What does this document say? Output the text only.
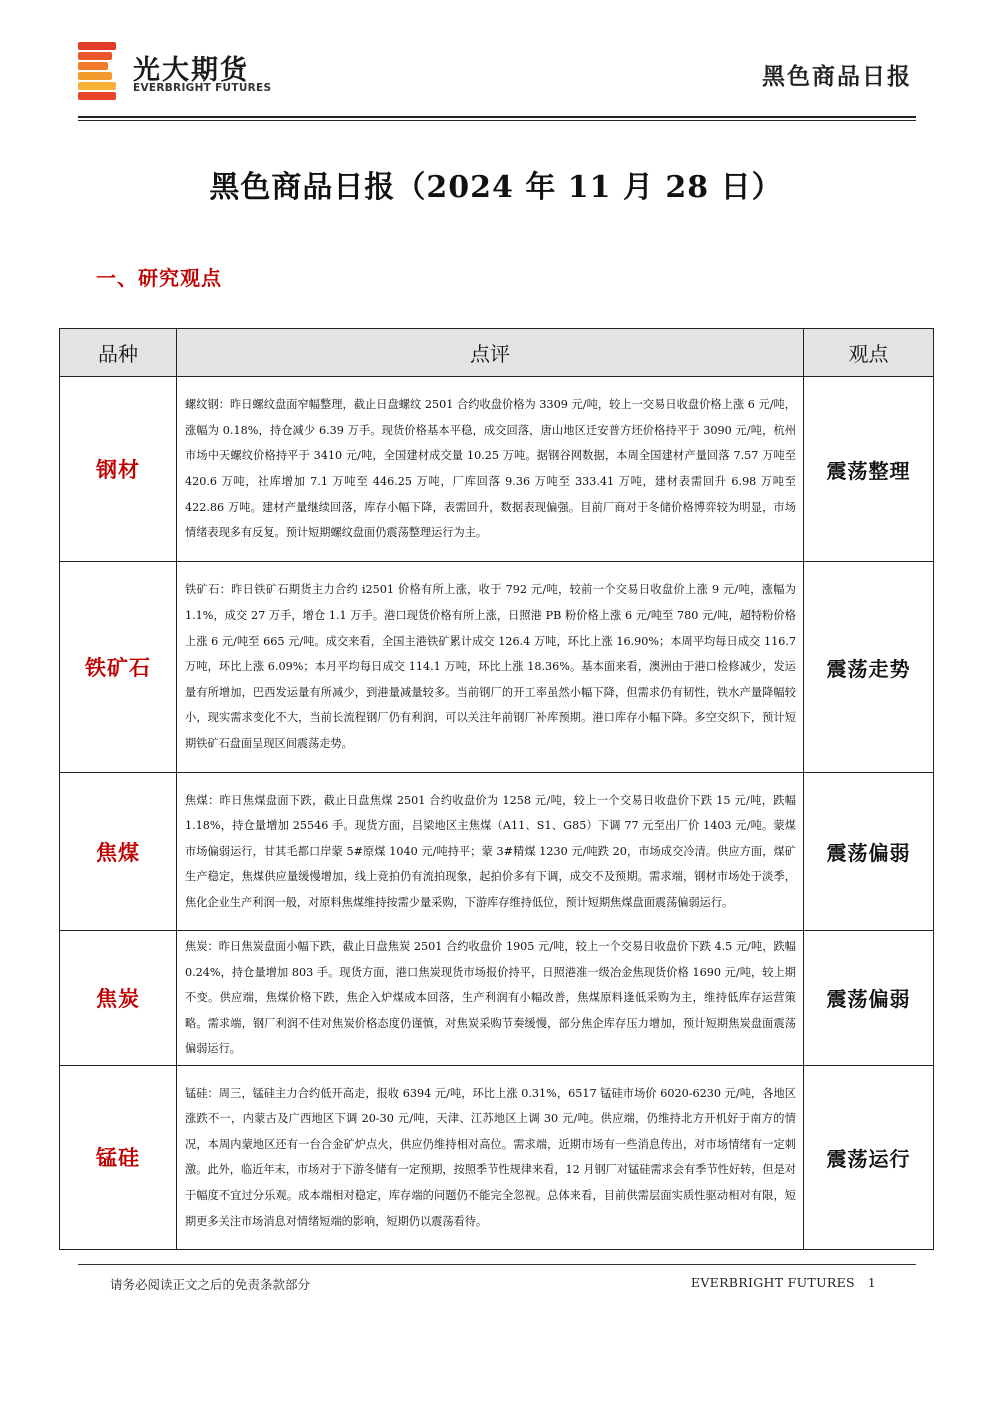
光大期货
EVERBRIGHT FUTURES	黑色商品日报
黑色商品日报（2024 年 11 月 28 日）
一、研究观点
品种	点评	观点
钢材	螺纹钢：昨日螺纹盘面窄幅整理，截止日盘螺纹 2501 合约收盘价格为 3309 元/吨，较上一交易日收盘价格上涨 6 元/吨，涨幅为 0.18%，持仓减少 6.39 万手。现货价格基本平稳，成交回落，唐山地区迁安普方坯价格持平于 3090 元/吨，杭州市场中天螺纹价格持平于 3410 元/吨，全国建材成交量 10.25 万吨。据钢谷网数据，本周全国建材产量回落 7.57 万吨至 420.6 万吨，社库增加 7.1 万吨至 446.25 万吨，厂库回落 9.36 万吨至 333.41 万吨，建材表需回升 6.98 万吨至 422.86 万吨。建材产量继续回落，库存小幅下降，表需回升，数据表现偏强。目前厂商对于冬储价格博弈较为明显，市场情绪表现多有反复。预计短期螺纹盘面仍震荡整理运行为主。	震荡整理
铁矿石	铁矿石：昨日铁矿石期货主力合约 i2501 价格有所上涨，收于 792 元/吨，较前一个交易日收盘价上涨 9 元/吨，涨幅为 1.1%，成交 27 万手，增仓 1.1 万手。港口现货价格有所上涨，日照港 PB 粉价格上涨 6 元/吨至 780 元/吨，超特粉价格上涨 6 元/吨至 665 元/吨。成交来看，全国主港铁矿累计成交 126.4 万吨，环比上涨 16.90%；本周平均每日成交 116.7 万吨，环比上涨 6.09%；本月平均每日成交 114.1 万吨，环比上涨 18.36%。基本面来看，澳洲由于港口检修减少，发运量有所增加，巴西发运量有所减少，到港量减量较多。当前钢厂的开工率虽然小幅下降，但需求仍有韧性，铁水产量降幅较小，现实需求变化不大，当前长流程钢厂仍有利润，可以关注年前钢厂补库预期。港口库存小幅下降。多空交织下，预计短期铁矿石盘面呈现区间震荡走势。	震荡走势
焦煤	焦煤：昨日焦煤盘面下跌，截止日盘焦煤 2501 合约收盘价为 1258 元/吨，较上一个交易日收盘价下跌 15 元/吨，跌幅 1.18%，持仓量增加 25546 手。现货方面，吕梁地区主焦煤（A11、S1、G85）下调 77 元至出厂价 1403 元/吨。蒙煤市场偏弱运行，甘其毛都口岸蒙 5#原煤 1040 元/吨持平；蒙 3#精煤 1230 元/吨跌 20，市场成交冷清。供应方面，煤矿生产稳定，焦煤供应量缓慢增加，线上竞拍仍有流拍现象，起拍价多有下调，成交不及预期。需求端，钢材市场处于淡季，焦化企业生产利润一般，对原料焦煤维持按需少量采购，下游库存维持低位，预计短期焦煤盘面震荡偏弱运行。	震荡偏弱
焦炭	焦炭：昨日焦炭盘面小幅下跌，截止日盘焦炭 2501 合约收盘价 1905 元/吨，较上一个交易日收盘价下跌 4.5 元/吨，跌幅 0.24%，持仓量增加 803 手。现货方面，港口焦炭现货市场报价持平，日照港准一级冶金焦现货价格 1690 元/吨，较上期不变。供应端，焦煤价格下跌，焦企入炉煤成本回落，生产利润有小幅改善，焦煤原料逢低采购为主，维持低库存运营策略。需求端，钢厂利润不佳对焦炭价格态度仍谨慎，对焦炭采购节奏缓慢，部分焦企库存压力增加，预计短期焦炭盘面震荡偏弱运行。	震荡偏弱
锰硅	锰硅：周三，锰硅主力合约低开高走，报收 6394 元/吨，环比上涨 0.31%，6517 锰硅市场价 6020-6230 元/吨，各地区涨跌不一，内蒙古及广西地区下调 20-30 元/吨，天津、江苏地区上调 30 元/吨。供应端，仍维持北方开机好于南方的情况，本周内蒙地区还有一台合金矿炉点火，供应仍维持相对高位。需求端，近期市场有一些消息传出，对市场情绪有一定刺激。此外，临近年末，市场对于下游冬储有一定预期，按照季节性规律来看，12 月钢厂对锰硅需求会有季节性好转，但是对于幅度不宜过分乐观。成本端相对稳定，库存端的问题仍不能完全忽视。总体来看，目前供需层面实质性驱动相对有限，短期更多关注市场消息对情绪短端的影响，短期仍以震荡看待。	震荡运行
请务必阅读正文之后的免责条款部分	EVERBRIGHT FUTURES 1
